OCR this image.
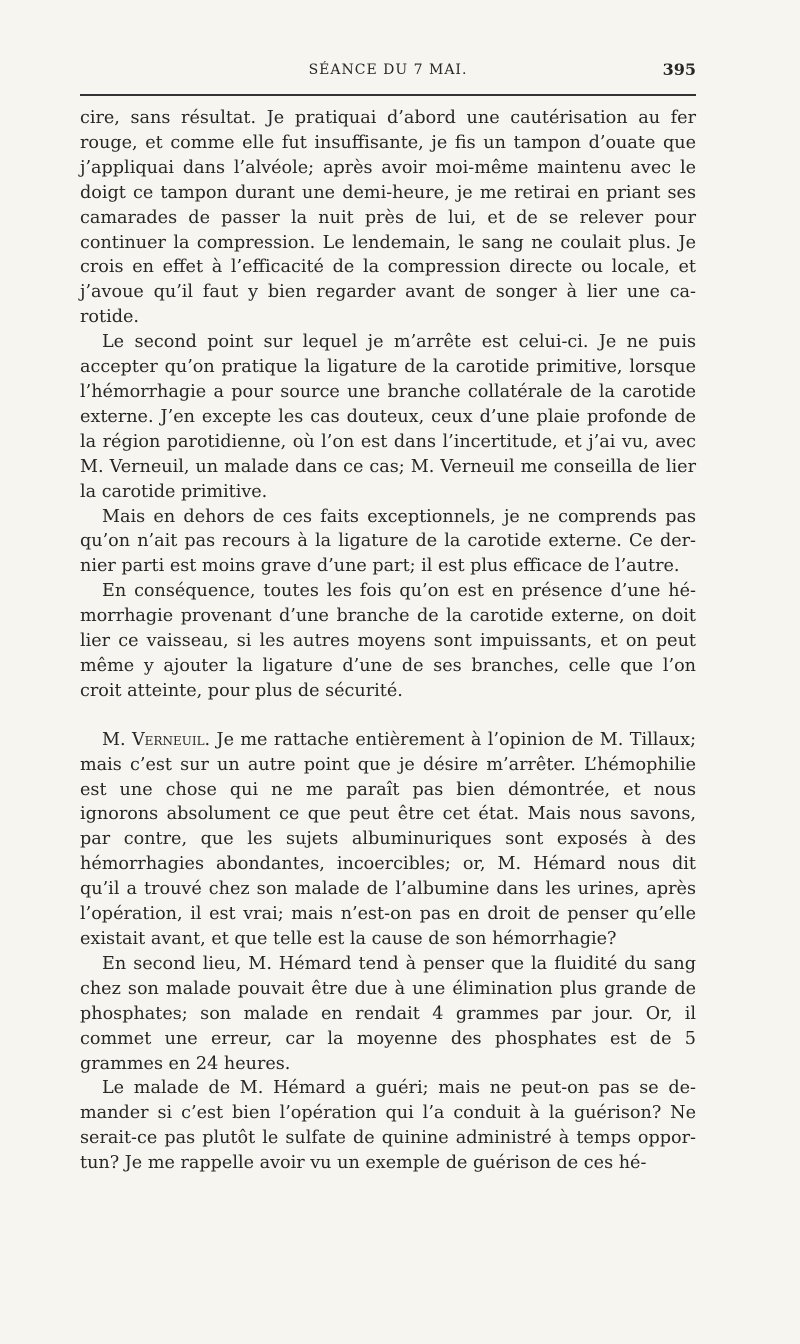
SÉANCE DU 7 MAI.	395

cire, sans résultat. Je pratiquai d’abord une cautérisation au fer rouge, et comme elle fut insuffisante, je fis un tampon d’ouate que j’appliquai dans l’alvéole; après avoir moi-même maintenu avec le doigt ce tampon durant une demi-heure, je me retirai en priant ses camarades de passer la nuit près de lui, et de se relever pour continuer la compression. Le lendemain, le sang ne coulait plus. Je crois en effet à l’efficacité de la compression directe ou locale, et j’avoue qu’il faut y bien regarder avant de songer à lier une carotide.

Le second point sur lequel je m’arrête est celui-ci. Je ne puis accepter qu’on pratique la ligature de la carotide primitive, lorsque l’hémorrhagie a pour source une branche collatérale de la carotide externe. J’en excepte les cas douteux, ceux d’une plaie profonde de la région parotidienne, où l’on est dans l’incertitude, et j’ai vu, avec M. Verneuil, un malade dans ce cas; M. Verneuil me conseilla de lier la carotide primitive.

Mais en dehors de ces faits exceptionnels, je ne comprends pas qu’on n’ait pas recours à la ligature de la carotide externe. Ce dernier parti est moins grave d’une part; il est plus efficace de l’autre.

En conséquence, toutes les fois qu’on est en présence d’une hémorrhagie provenant d’une branche de la carotide externe, on doit lier ce vaisseau, si les autres moyens sont impuissants, et on peut même y ajouter la ligature d’une de ses branches, celle que l’on croit atteinte, pour plus de sécurité.

M. Verneuil. Je me rattache entièrement à l’opinion de M. Tillaux; mais c’est sur un autre point que je désire m’arrêter. L’hémophilie est une chose qui ne me paraît pas bien démontrée, et nous ignorons absolument ce que peut être cet état. Mais nous savons, par contre, que les sujets albuminuriques sont exposés à des hémorrhagies abondantes, incoercibles; or, M. Hémard nous dit qu’il a trouvé chez son malade de l’albumine dans les urines, après l’opération, il est vrai; mais n’est-on pas en droit de penser qu’elle existait avant, et que telle est la cause de son hémorrhagie?

En second lieu, M. Hémard tend à penser que la fluidité du sang chez son malade pouvait être due à une élimination plus grande de phosphates; son malade en rendait 4 grammes par jour. Or, il commet une erreur, car la moyenne des phosphates est de 5 grammes en 24 heures.

Le malade de M. Hémard a guéri; mais ne peut-on pas se demander si c’est bien l’opération qui l’a conduit à la guérison? Ne serait-ce pas plutôt le sulfate de quinine administré à temps opportun? Je me rappelle avoir vu un exemple de guérison de ces hé-
